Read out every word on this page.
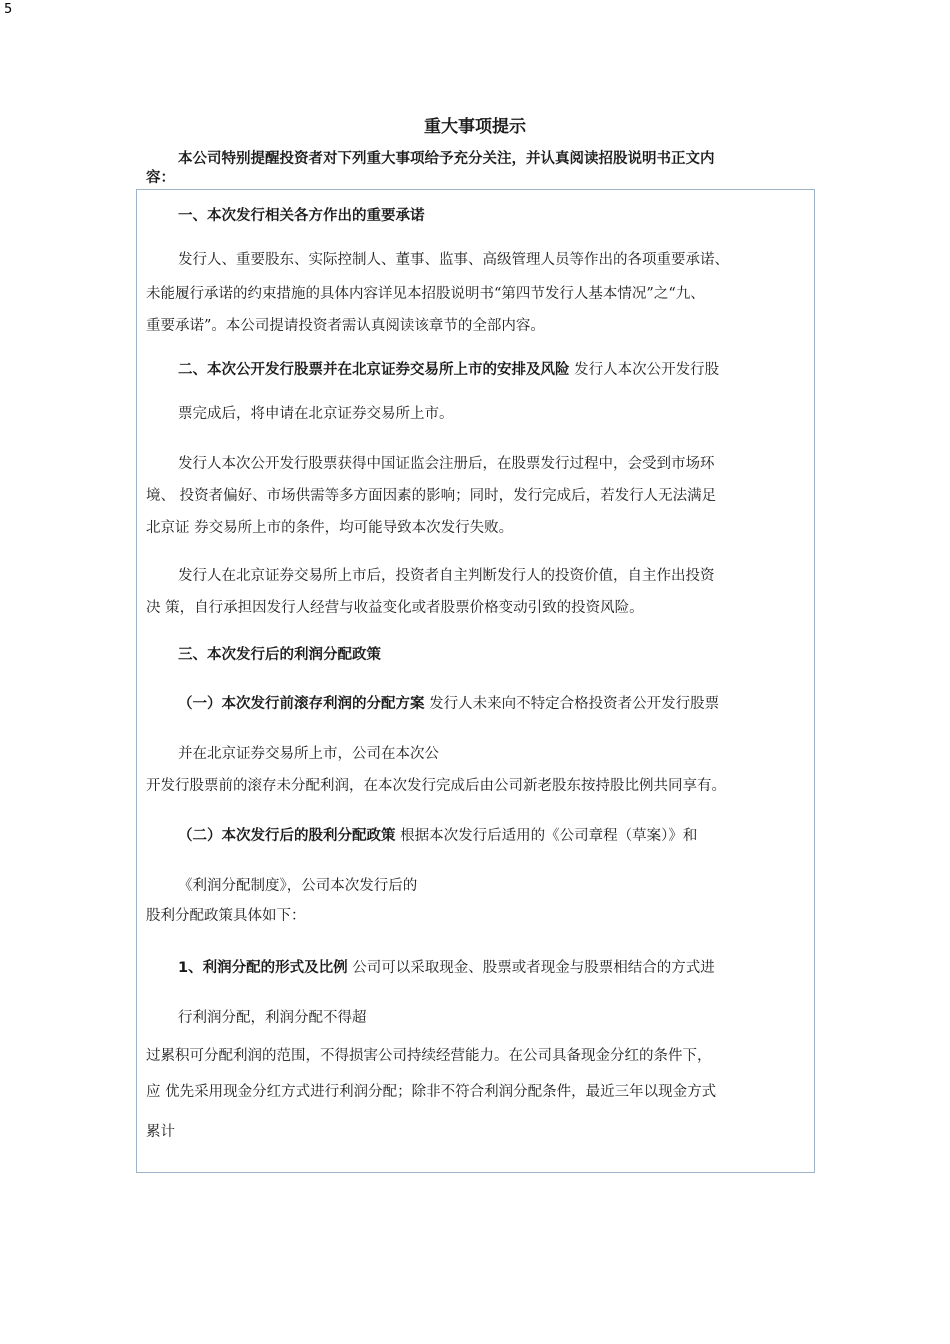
5
重大事项提示
本公司特别提醒投资者对下列重大事项给予充分关注，并认真阅读招股说明书正文内
容：
一、本次发行相关各方作出的重要承诺
发行人、重要股东、实际控制人、董事、监事、高级管理人员等作出的各项重要承诺、
未能履行承诺的约束措施的具体内容详见本招股说明书“第四节发行人基本情况”之“九、
重要承诺”。本公司提请投资者需认真阅读该章节的全部内容。
二、本次公开发行股票并在北京证券交易所上市的安排及风险 发行人本次公开发行股
票完成后，将申请在北京证券交易所上市。
发行人本次公开发行股票获得中国证监会注册后，在股票发行过程中，会受到市场环
境、 投资者偏好、市场供需等多方面因素的影响；同时，发行完成后，若发行人无法满足
北京证 券交易所上市的条件，均可能导致本次发行失败。
发行人在北京证券交易所上市后，投资者自主判断发行人的投资价值，自主作出投资
决 策，自行承担因发行人经营与收益变化或者股票价格变动引致的投资风险。
三、本次发行后的利润分配政策
（一）本次发行前滚存利润的分配方案 发行人未来向不特定合格投资者公开发行股票
并在北京证券交易所上市，公司在本次公
开发行股票前的滚存未分配利润，在本次发行完成后由公司新老股东按持股比例共同享有。
（二）本次发行后的股利分配政策 根据本次发行后适用的《公司章程（草案）》和
《利润分配制度》，公司本次发行后的
股利分配政策具体如下：
1、利润分配的形式及比例 公司可以采取现金、股票或者现金与股票相结合的方式进
行利润分配，利润分配不得超
过累积可分配利润的范围，不得损害公司持续经营能力。在公司具备现金分红的条件下，
应 优先采用现金分红方式进行利润分配；除非不符合利润分配条件，最近三年以现金方式
累计
